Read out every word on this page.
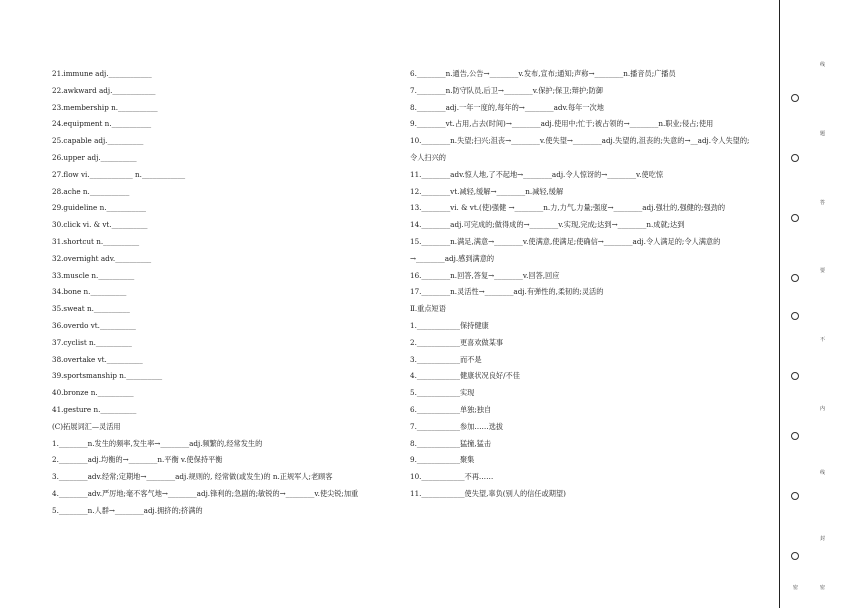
21.immune adj.____________
22.awkward adj.____________
23.membership n.___________
24.equipment n.___________
25.capable adj.__________
26.upper adj.__________
27.flow vi.____________ n.____________
28.ache n.___________
29.guideline n.___________
30.click vi. & vt.__________
31.shortcut n.__________
32.overnight adv.__________
33.muscle n.__________
34.bone n.__________
35.sweat n.__________
36.overdo vt.__________
37.cyclist n.__________
38.overtake vt.__________
39.sportsmanship n.__________
40.bronze n.__________
41.gesture n.__________
(C)拓展词汇—灵活用
1.________n.发生的频率,发生率→________adj.频繁的,经常发生的
2.________adj.均衡的→________n.平衡 v.使保持平衡
3.________adv.经常;定期地→________adj.规则的, 经常做(或发生)的 n.正规军人;老顾客
4.________adv.严厉地;毫不客气地→________adj.锋利的;急剧的;敏锐的→________v.使尖锐;加重
5.________n.人群→________adj.拥挤的;挤满的
6.________n.通告,公告→________v.发布,宣布;通知;声称→________n.播音员;广播员
7.________n.防守队员,后卫→________v.保护;保卫;辩护;防御
8.________adj.一年一度的,每年的→________adv.每年一次地
9.________vt.占用,占去(时间)→________adj.使用中;忙于;被占领的→________n.职业;侵占;使用
10.________n.失望;扫兴;沮丧→________v.使失望→________adj.失望的,沮丧的;失意的→__adj.令人失望的;令人扫兴的
11.________adv.惊人地,了不起地→________adj.令人惊讶的→________v.使吃惊
12.________vt.减轻,缓解→________n.减轻,缓解
13.________vi. & vt.(使)强健 →________n.力,力气,力量;强度→________adj.强壮的,强健的;强劲的
14.________adj.可完成的;做得成的→________v.实现,完成;达到→________n.成就;达到
15.________n.满足,满意→________v.使满意,使满足;使确信→________adj.令人满足的;令人满意的→________adj.感到满意的
16.________n.回答,答复→________v.回答,回应
17.________n.灵活性→________adj.有弹性的,柔韧的;灵活的
Ⅱ.重点短语
1.____________保持健康
2.____________更喜欢做某事
3.____________而不是
4.____________健康状况良好/不佳
5.____________实现
6.____________单独;独自
7.____________参加……选拔
8.____________猛撞,猛击
9.____________聚集
10.____________不再……
11.____________使失望,辜负(别人的信任或期望)
线
题
答
要
不
内
线
封
密
密
